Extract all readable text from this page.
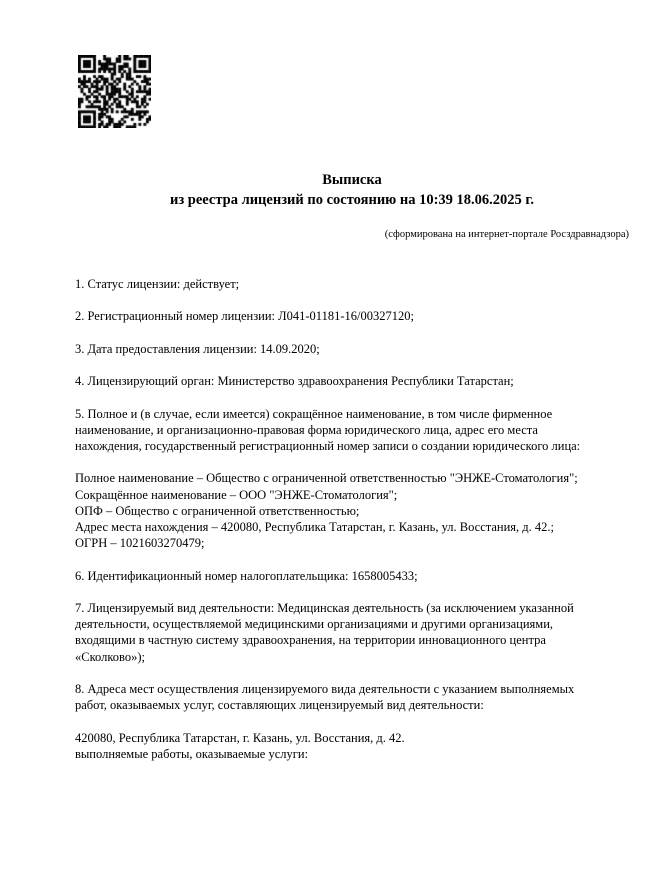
Выписка
из реестра лицензий по состоянию на 10:39 18.06.2025 г.
(сформирована на интернет-портале Росздравнадзора)
1. Статус лицензии: действует;
2. Регистрационный номер лицензии: Л041-01181-16/00327120;
3. Дата предоставления лицензии: 14.09.2020;
4. Лицензирующий орган: Министерство здравоохранения Республики Татарстан;
5. Полное и (в случае, если имеется) сокращённое наименование, в том числе фирменное
наименование, и организационно-правовая форма юридического лица, адрес его места
нахождения, государственный регистрационный номер записи о создании юридического лица:
Полное наименование – Общество с ограниченной ответственностью "ЭНЖЕ-Стоматология";
Сокращённое наименование – ООО "ЭНЖЕ-Стоматология";
ОПФ – Общество с ограниченной ответственностью;
Адрес места нахождения – 420080, Республика Татарстан, г. Казань, ул. Восстания, д. 42.;
ОГРН – 1021603270479;
6. Идентификационный номер налогоплательщика: 1658005433;
7. Лицензируемый вид деятельности: Медицинская деятельность (за исключением указанной
деятельности, осуществляемой медицинскими организациями и другими организациями,
входящими в частную систему здравоохранения, на территории инновационного центра
«Сколково»);
8. Адреса мест осуществления лицензируемого вида деятельности с указанием выполняемых
работ, оказываемых услуг, составляющих лицензируемый вид деятельности:
420080, Республика Татарстан, г. Казань, ул. Восстания, д. 42.
выполняемые работы, оказываемые услуги:
